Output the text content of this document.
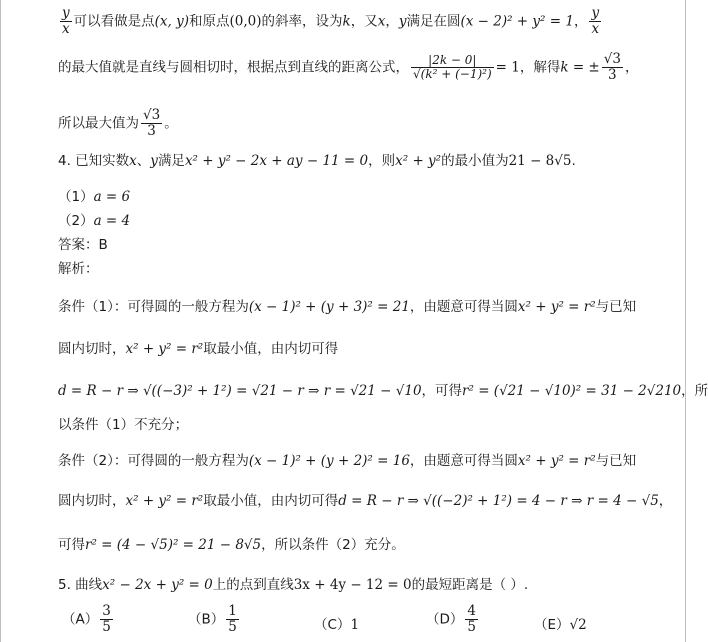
$\frac{y}{x}$ 可以看做是点(x, y)和原点(0,0)的斜率，设为k，又x，y满足在圆(x − 2)² + y² = 1， $\frac{y}{x}$
的最大值就是直线与圆相切时，根据点到直线的距离公式， $\frac{|2k - 0|}{\text{√(k² + (−1)²)}} = 1$，解得k = ± $\frac{√3}{3}$ ，
所以最大值为 $\frac{√3}{3}$ 。
4. 已知实数x、y满足x² + y² − 2x + ay − 11 = 0，则x² + y²的最小值为21 − 8√5.
（1）a = 6
（2）a = 4
答案：B
解析：
条件（1）：可得圆的一般方程为(x − 1)² + (y + 3)² = 21，由题意可得当圆x² + y² = r²与已知
圆内切时，x² + y² = r²取最小值，由内切可得
d = R − r ⇒ √((−3)² + 1²) = √21 − r ⇒ r = √21 − √10，可得r² = (√21 − √10)² = 31 − 2√210，所
以条件（1）不充分；
条件（2）：可得圆的一般方程为(x − 1)² + (y + 2)² = 16，由题意可得当圆x² + y² = r²与已知
圆内切时，x² + y² = r²取最小值，由内切可得d = R − r ⇒ √((−2)² + 1²) = 4 − r ⇒ r = 4 − √5，
可得r² = (4 − √5)² = 21 − 8√5，所以条件（2）充分。
5. 曲线x² − 2x + y² = 0上的点到直线3x + 4y − 12 = 0的最短距离是（ ）.
$(A) \frac{3}{5}$	$(B) \frac{1}{5}$	（C）1	$(D) \frac{4}{5}$	（E）√2
